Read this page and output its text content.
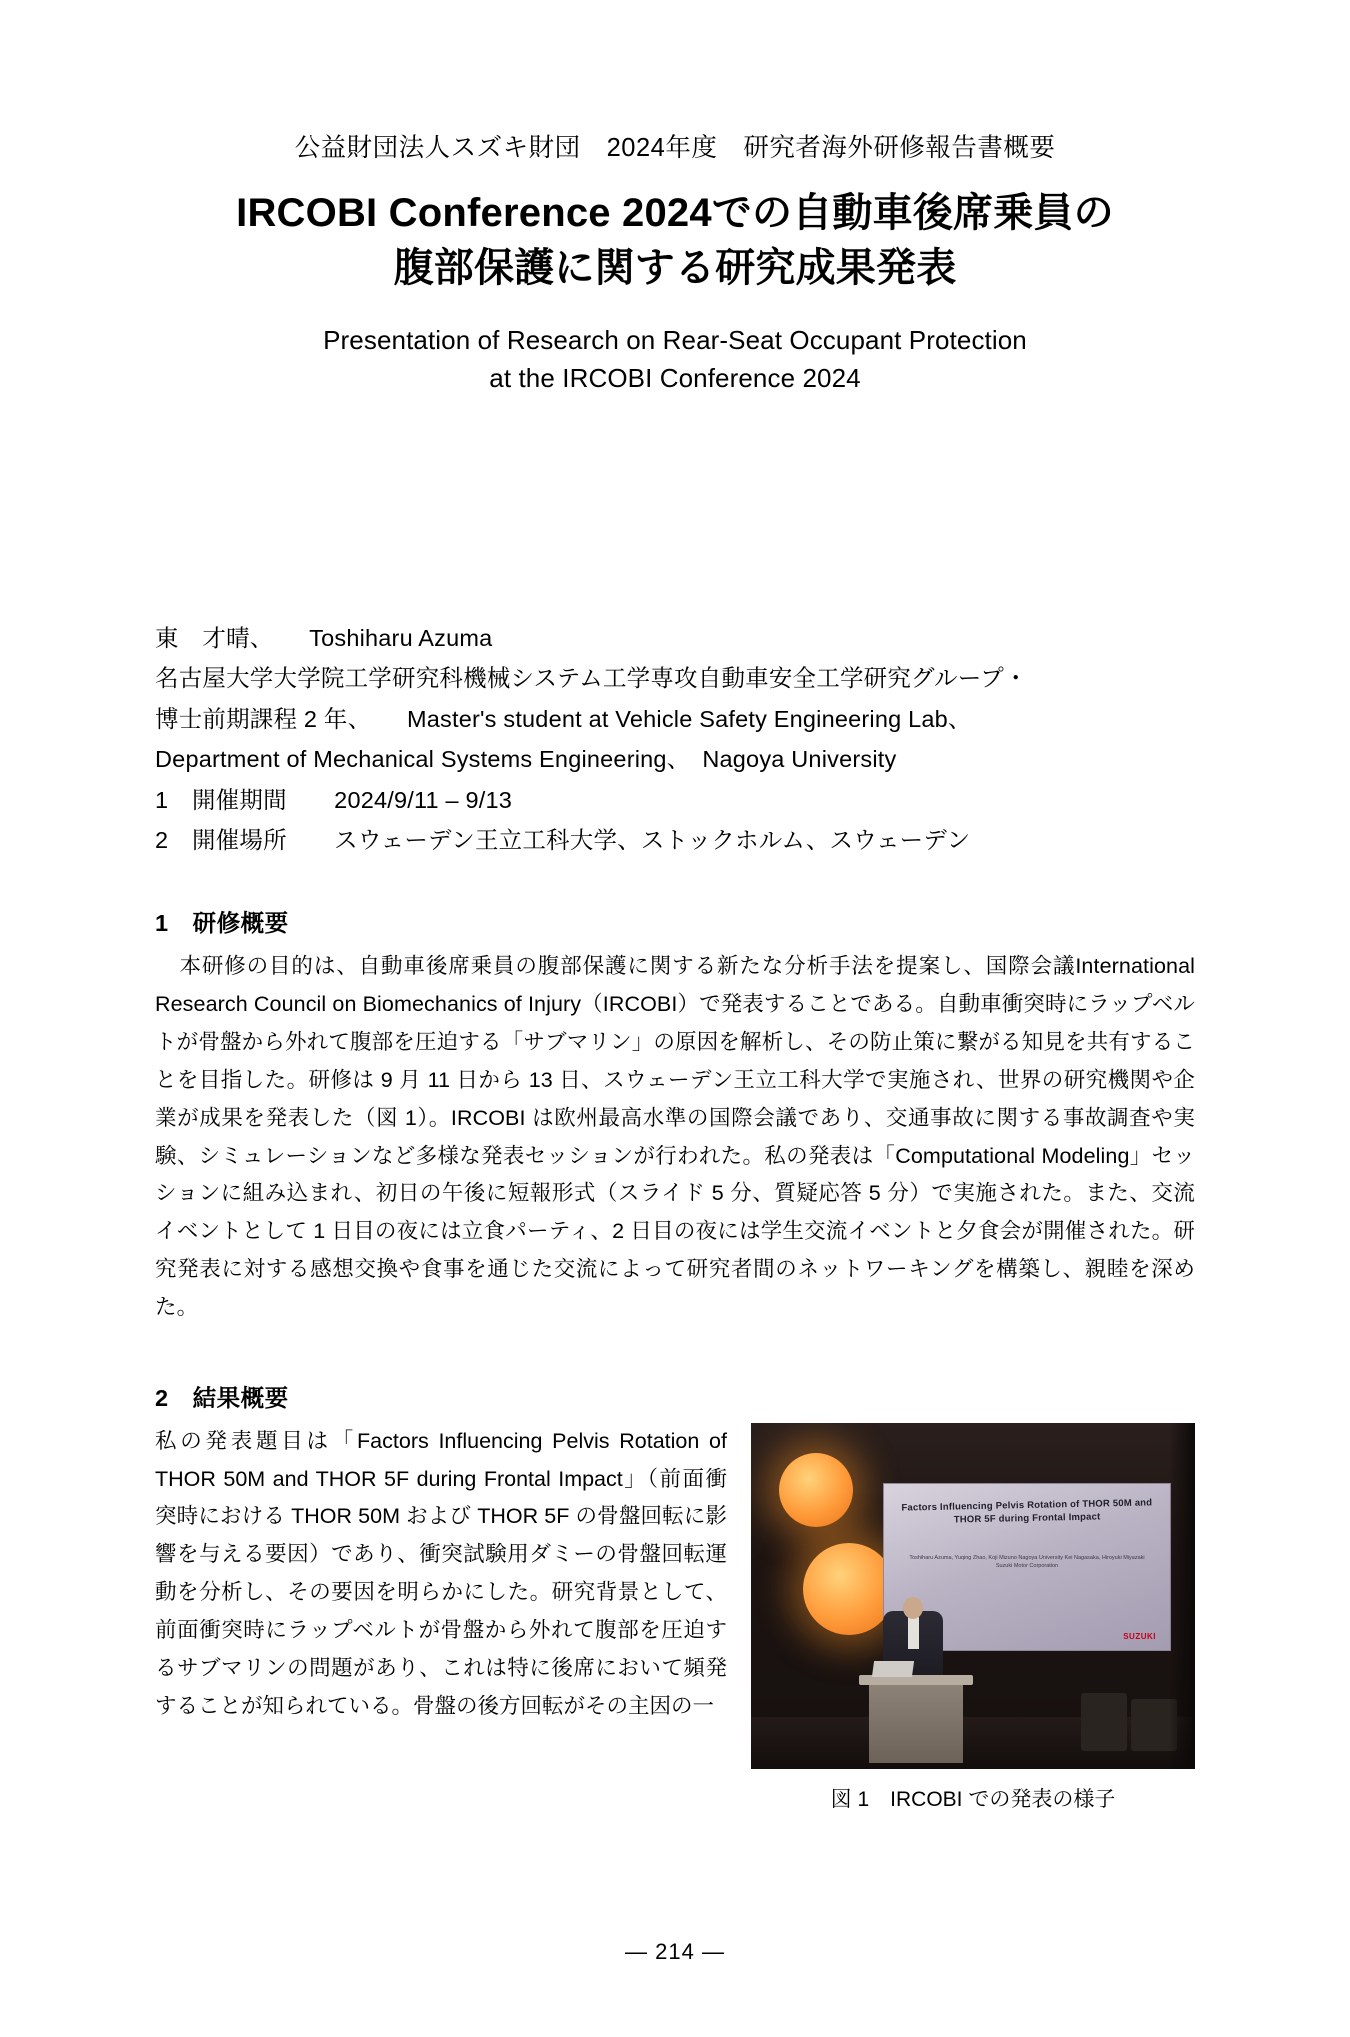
公益財団法人スズキ財団　2024年度　研究者海外研修報告書概要
IRCOBI Conference 2024での自動車後席乗員の
腹部保護に関する研究成果発表
Presentation of Research on Rear-Seat Occupant Protection
at the IRCOBI Conference 2024
東　才晴、　　Toshiharu Azuma
名古屋大学大学院工学研究科機械システム工学専攻自動車安全工学研究グループ・
博士前期課程 2 年、　　Master's student at Vehicle Safety Engineering Lab、
Department of Mechanical Systems Engineering、　Nagoya University
1　開催期間　　2024/9/11 – 9/13
2　開催場所　　スウェーデン王立工科大学、ストックホルム、スウェーデン
1　研修概要
本研修の目的は、自動車後席乗員の腹部保護に関する新たな分析手法を提案し、国際会議International Research Council on Biomechanics of Injury（IRCOBI）で発表することである。自動車衝突時にラップベルトが骨盤から外れて腹部を圧迫する「サブマリン」の原因を解析し、その防止策に繋がる知見を共有することを目指した。研修は 9 月 11 日から 13 日、スウェーデン王立工科大学で実施され、世界の研究機関や企業が成果を発表した（図 1）。IRCOBI は欧州最高水準の国際会議であり、交通事故に関する事故調査や実験、シミュレーションなど多様な発表セッションが行われた。私の発表は「Computational Modeling」セッションに組み込まれ、初日の午後に短報形式（スライド 5 分、質疑応答 5 分）で実施された。また、交流イベントとして 1 日目の夜には立食パーティ、2 日目の夜には学生交流イベントと夕食会が開催された。研究発表に対する感想交換や食事を通じた交流によって研究者間のネットワーキングを構築し、親睦を深めた。
2　結果概要
Factors Influencing Pelvis Rotation of THOR 50M and THOR 5F during Frontal Impact
Toshiharu Azuma, Yuqing Zhao, Koji Mizuno Nagoya University Kei Nagasaka, Hiroyuki Miyazaki Suzuki Motor Corporation
SUZUKI
図 1　IRCOBI での発表の様子
私の発表題目は「Factors Influencing Pelvis Rotation of THOR 50M and THOR 5F during Frontal Impact」（前面衝突時における THOR 50M および THOR 5F の骨盤回転に影響を与える要因）であり、衝突試験用ダミーの骨盤回転運動を分析し、その要因を明らかにした。研究背景として、前面衝突時にラップベルトが骨盤から外れて腹部を圧迫するサブマリンの問題があり、これは特に後席において頻発することが知られている。骨盤の後方回転がその主因の一
— 214 —
